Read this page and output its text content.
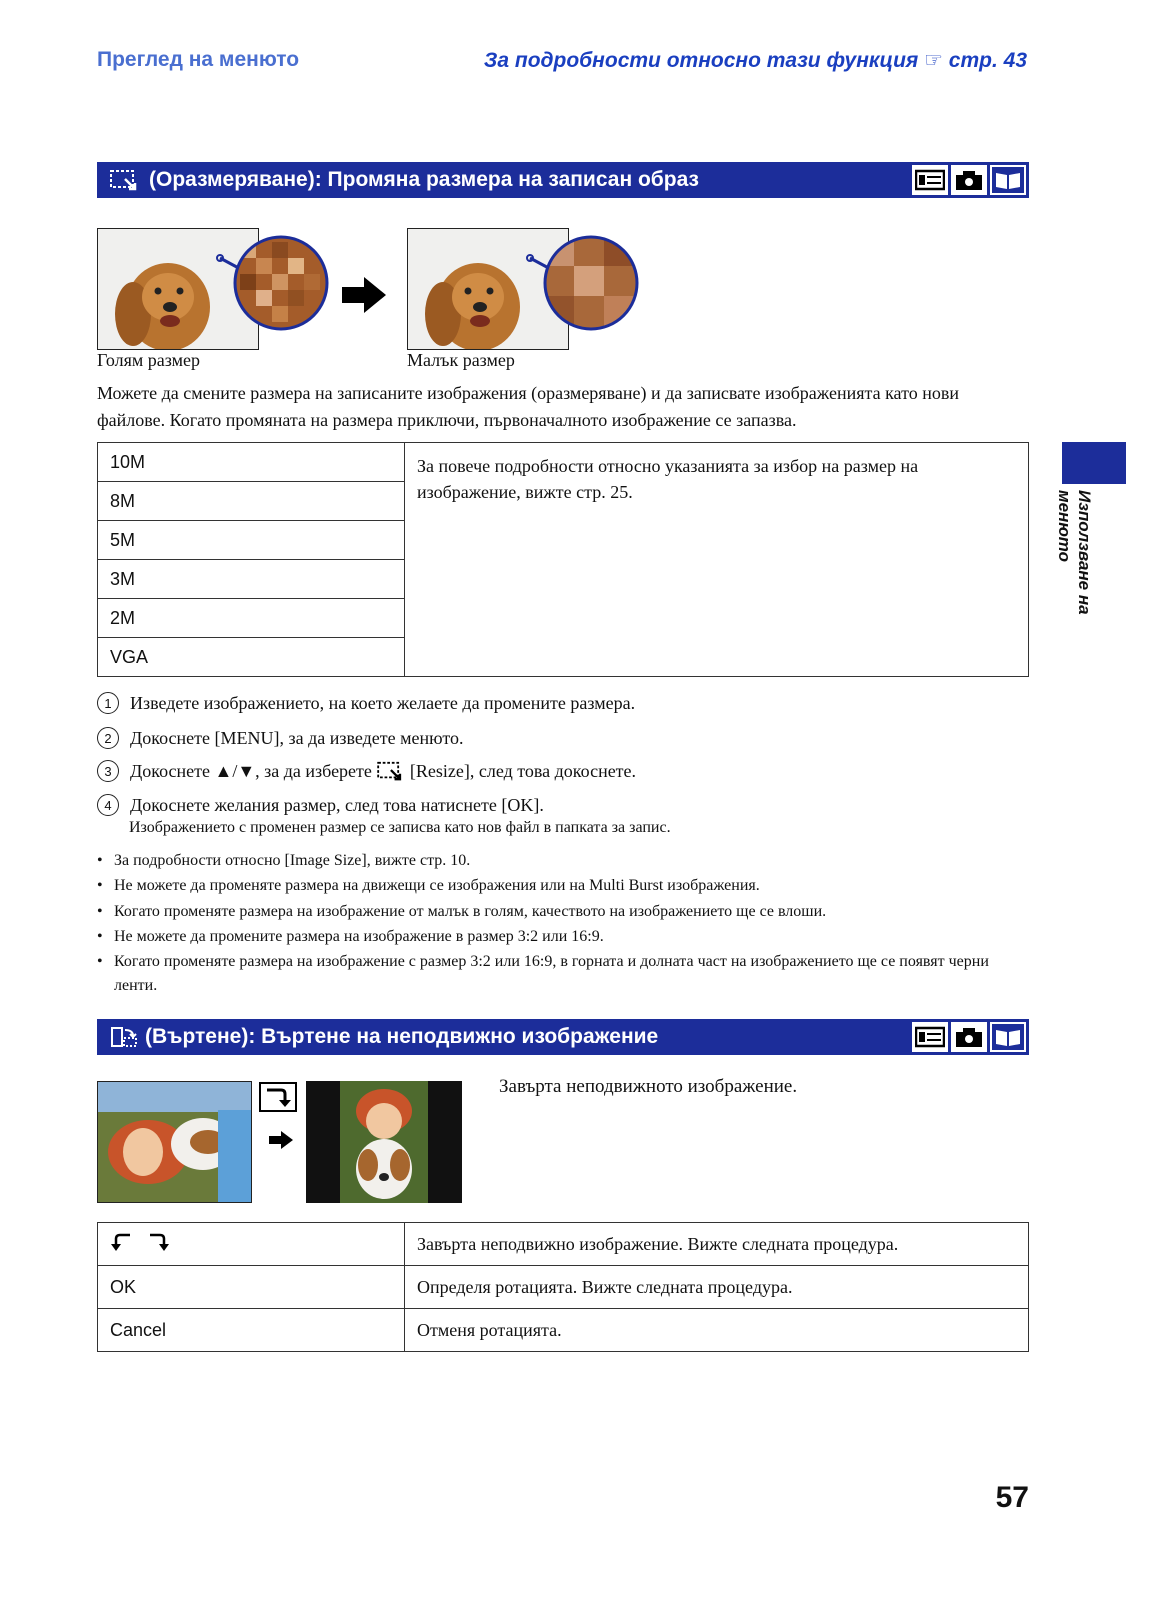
Преглед на менюто	За подробности относно тази функция ☞ стр. 43
(Оразмеряване): Промяна размера на записан образ
Голям размер	Малък размер
Можете да смените размера на записаните изображения (оразмеряване) и да записвате изображенията като нови файлове. Когато промяната на размера приключи, първоначалното изображение се запазва.
10M	За повече подробности относно указанията за избор на размер на изображение, вижте стр. 25.
8M
5M
3M
2M
VGA
1	Изведете изображението, на което желаете да промените размера.
2	Докоснете [MENU], за да изведете менюто.
3	Докоснете ▲/▼, за да изберете [Resize], след това докоснете.
4	Докоснете желания размер, след това натиснете [OK].
Изображението с променен размер се записва като нов файл в папката за запис.
• За подробности относно [Image Size], вижте стр. 10.
• Не можете да променяте размера на движещи се изображения или на Multi Burst изображения.
• Когато променяте размера на изображение от малък в голям, качеството на изображението ще се влоши.
• Не можете да промените размера на изображение в размер 3:2 или 16:9.
• Когато променяте размера на изображение с размер 3:2 или 16:9, в горната и долната част на изображението ще се появят черни ленти.
(Въртене): Въртене на неподвижно изображение
Завърта неподвижното изображение.
	Завърта неподвижно изображение. Вижте следната процедура.
OK	Определя ротацията. Вижте следната процедура.
Cancel	Отменя ротацията.
Използване на менюто
57
